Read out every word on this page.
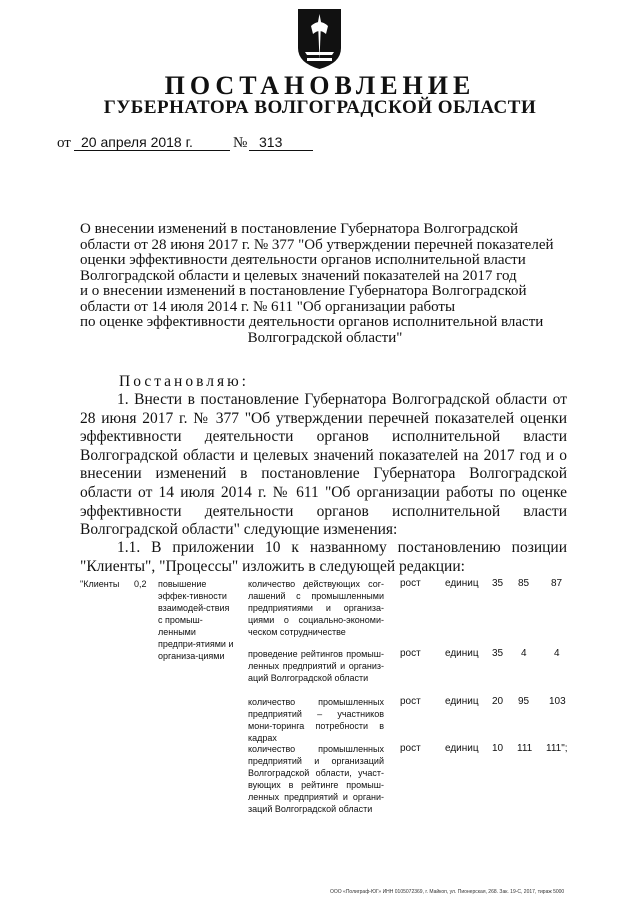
ПОСТАНОВЛЕНИЕ
ГУБЕРНАТОРА ВОЛГОГРАДСКОЙ ОБЛАСТИ
от 20 апреля 2018 г.	№ 313
О внесении изменений в постановление Губернатора Волгоградской
области от 28 июня 2017 г. № 377 "Об утверждении перечней показателей
оценки эффективности деятельности органов исполнительной власти
Волгоградской области и целевых значений показателей на 2017 год
и о внесении изменений в постановление Губернатора Волгоградской
области от 14 июля 2014 г. № 611 "Об организации работы
по оценке эффективности деятельности органов исполнительной власти
Волгоградской области"
Постановляю:
1. Внести в постановление Губернатора Волгоградской области от 28 июня 2017 г. № 377 "Об утверждении перечней показателей оценки эффективности деятельности органов исполнительной власти Волгоградской области и целевых значений показателей на 2017 год и о внесении изменений в постановление Губернатора Волгоградской области от 14 июля 2014 г. № 611 "Об организации работы по оценке эффективности деятельности органов исполнительной власти Волгоградской области" следующие изменения:
1.1. В приложении 10 к названному постановлению позиции "Клиенты", "Процессы" изложить в следующей редакции:
"Клиенты 0,2 повышение эффек-тивности взаимодей-ствия с промыш-ленными предпри-ятиями и организа-циями
количество действующих сог-лашений с промышленными предприятиями и организа-циями о социально-экономи-ческом сотрудничестве
рост единиц 35 85 87
проведение рейтингов промыш-ленных предприятий и организ-аций Волгоградской области
рост единиц 35 4	4
количество промышленных предприятий – участников мони-торинга потребности в кадрах
рост единиц 20 95 103
количество промышленных предприятий и организаций Волгоградской области, участ-вующих в рейтинге промыш-ленных предприятий и органи-заций Волгоградской области
рост единиц 10 111 111";
ООО «Полиграф-ЮГ» ИНН 0105072369, г. Майкоп, ул. Пионерская, 268. Зак. 19-С, 2017, тираж 5000
